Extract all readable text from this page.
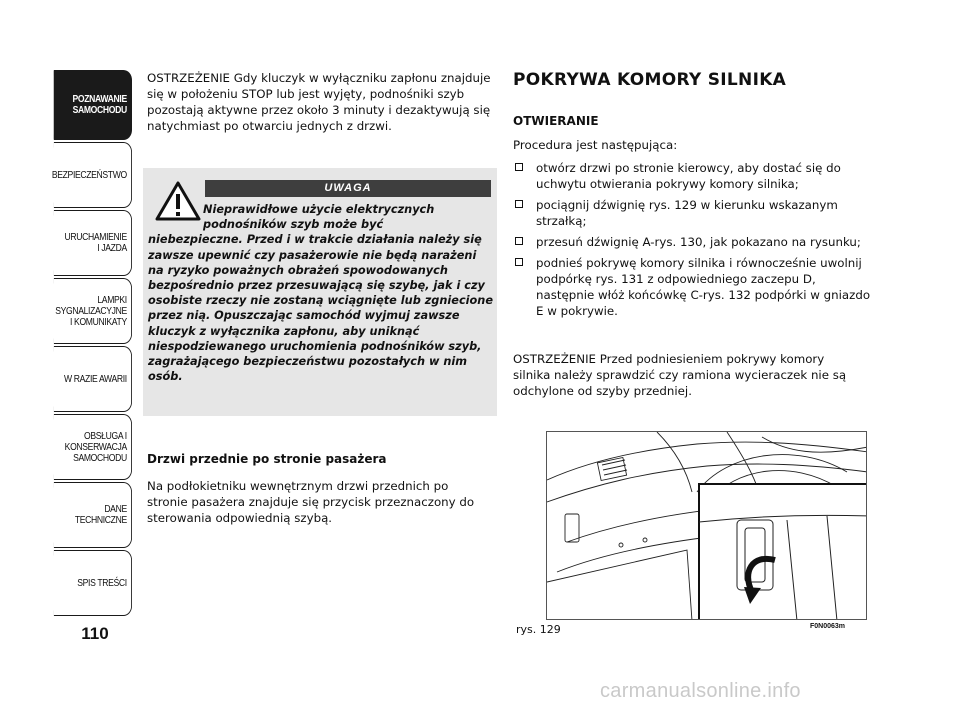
POZNAWANIE
SAMOCHODU
BEZPIECZEŃSTWO
URUCHAMIENIE
I JAZDA
LAMPKI
SYGNALIZACYJNE
I KOMUNIKATY
W RAZIE AWARII
OBSŁUGA I
KONSERWACJA
SAMOCHODU
DANE TECHNICZNE
SPIS TREŚCI
110
OSTRZEŻENIE Gdy kluczyk w wyłączniku zapłonu znajduje się w położeniu STOP lub jest wyjęty, podnośniki szyb pozostają aktywne przez około 3 minuty i dezaktywują się natychmiast po otwarciu jednych z drzwi.
UWAGA
Nieprawidłowe użycie elektrycznych podnośników szyb może być
niebezpieczne. Przed i w trakcie działania należy się zawsze upewnić czy pasażerowie nie będą narażeni na ryzyko poważnych obrażeń spowodowanych bezpośrednio przez przesuwającą się szybę, jak i czy osobiste rzeczy nie zostaną wciągnięte lub zgniecione przez nią. Opuszczając samochód wyjmuj zawsze kluczyk z wyłącznika zapłonu, aby uniknąć niespodziewanego uruchomienia podnośników szyb, zagrażającego bezpieczeństwu pozostałych w nim osób.
Drzwi przednie po stronie pasażera
Na podłokietniku wewnętrznym drzwi przednich po stronie pasażera znajduje się przycisk przeznaczony do sterowania odpowiednią szybą.
POKRYWA KOMORY SILNIKA
OTWIERANIE
Procedura jest następująca:
otwórz drzwi po stronie kierowcy, aby dostać się do uchwytu otwierania pokrywy komory silnika;
pociągnij dźwignię rys. 129 w kierunku wskazanym strzałką;
przesuń dźwignię A-rys. 130, jak pokazano na rysunku;
podnieś pokrywę komory silnika i równocześnie uwolnij podpórkę rys. 131 z odpowiedniego zaczepu D, następnie włóż końcówkę C-rys. 132 podpórki w gniazdo E w pokrywie.
OSTRZEŻENIE Przed podniesieniem pokrywy komory silnika należy sprawdzić czy ramiona wycieraczek nie są odchylone od szyby przedniej.
rys. 129	F0N0063m
carmanualsonline.info
